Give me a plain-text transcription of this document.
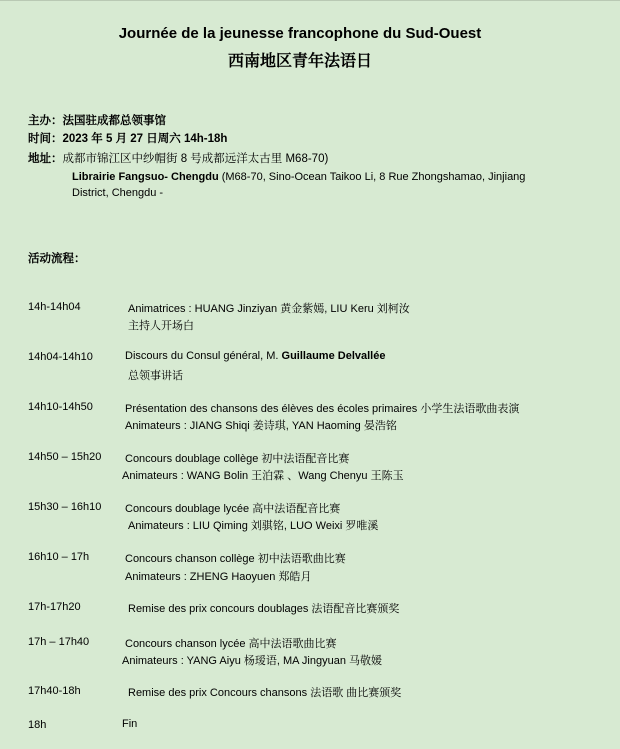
Journée de la jeunesse francophone du Sud-Ouest
西南地区青年法语日
主办：法国驻成都总领事馆
时间：2023 年 5 月 27 日周六 14h-18h
地址：成都市锦江区中纱帽街 8 号成都远洋太古里 M68-70)
Librairie Fangsuo- Chengdu (M68-70, Sino-Ocean Taikoo Li, 8 Rue Zhongshamao, Jinjiang
District, Chengdu -
活动流程：
14h-14h04	Animatrices : HUANG Jinziyan 黄金紫嫣, LIU Keru 刘柯汝
主持人开场白
14h04-14h10	Discours du Consul général, M. Guillaume Delvallée
总领事讲话
14h10-14h50	Présentation des chansons des élèves des écoles primaires 小学生法语歌曲表演
Animateurs : JIANG Shiqi 姜诗琪, YAN Haoming 晏浩铭
14h50 – 15h20 Concours doublage collège 初中法语配音比赛
Animateurs : WANG Bolin 王泊霖 、Wang Chenyu 王陈玉
15h30 – 16h10 Concours doublage lycée 高中法语配音比赛
Animateurs : LIU Qiming 刘骐铭, LUO Weixi 罗唯溪
16h10 – 17h	Concours chanson collège 初中法语歌曲比赛
Animateurs : ZHENG Haoyuen 郑皓月
17h-17h20	Remise des prix concours doublages 法语配音比赛颁奖
17h – 17h40	Concours chanson lycée 高中法语歌曲比赛
Animateurs : YANG Aiyu 杨瑷语, MA Jingyuan 马敬媛
17h40-18h	Remise des prix Concours chansons 法语歌 曲比赛颁奖
18h	Fin
